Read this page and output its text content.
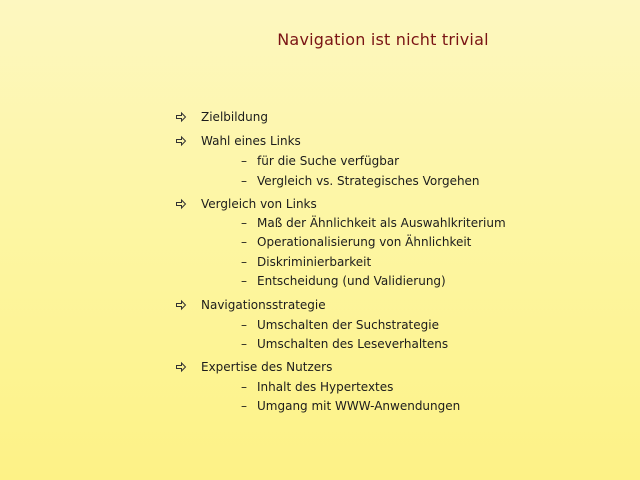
Navigation ist nicht trivial
Zielbildung
Wahl eines Links
– für die Suche verfügbar
– Vergleich vs. Strategisches Vorgehen
Vergleich von Links
– Maß der Ähnlichkeit als Auswahlkriterium
– Operationalisierung von Ähnlichkeit
– Diskriminierbarkeit
– Entscheidung (und Validierung)
Navigationsstrategie
– Umschalten der Suchstrategie
– Umschalten des Leseverhaltens
Expertise des Nutzers
– Inhalt des Hypertextes
– Umgang mit WWW-Anwendungen
